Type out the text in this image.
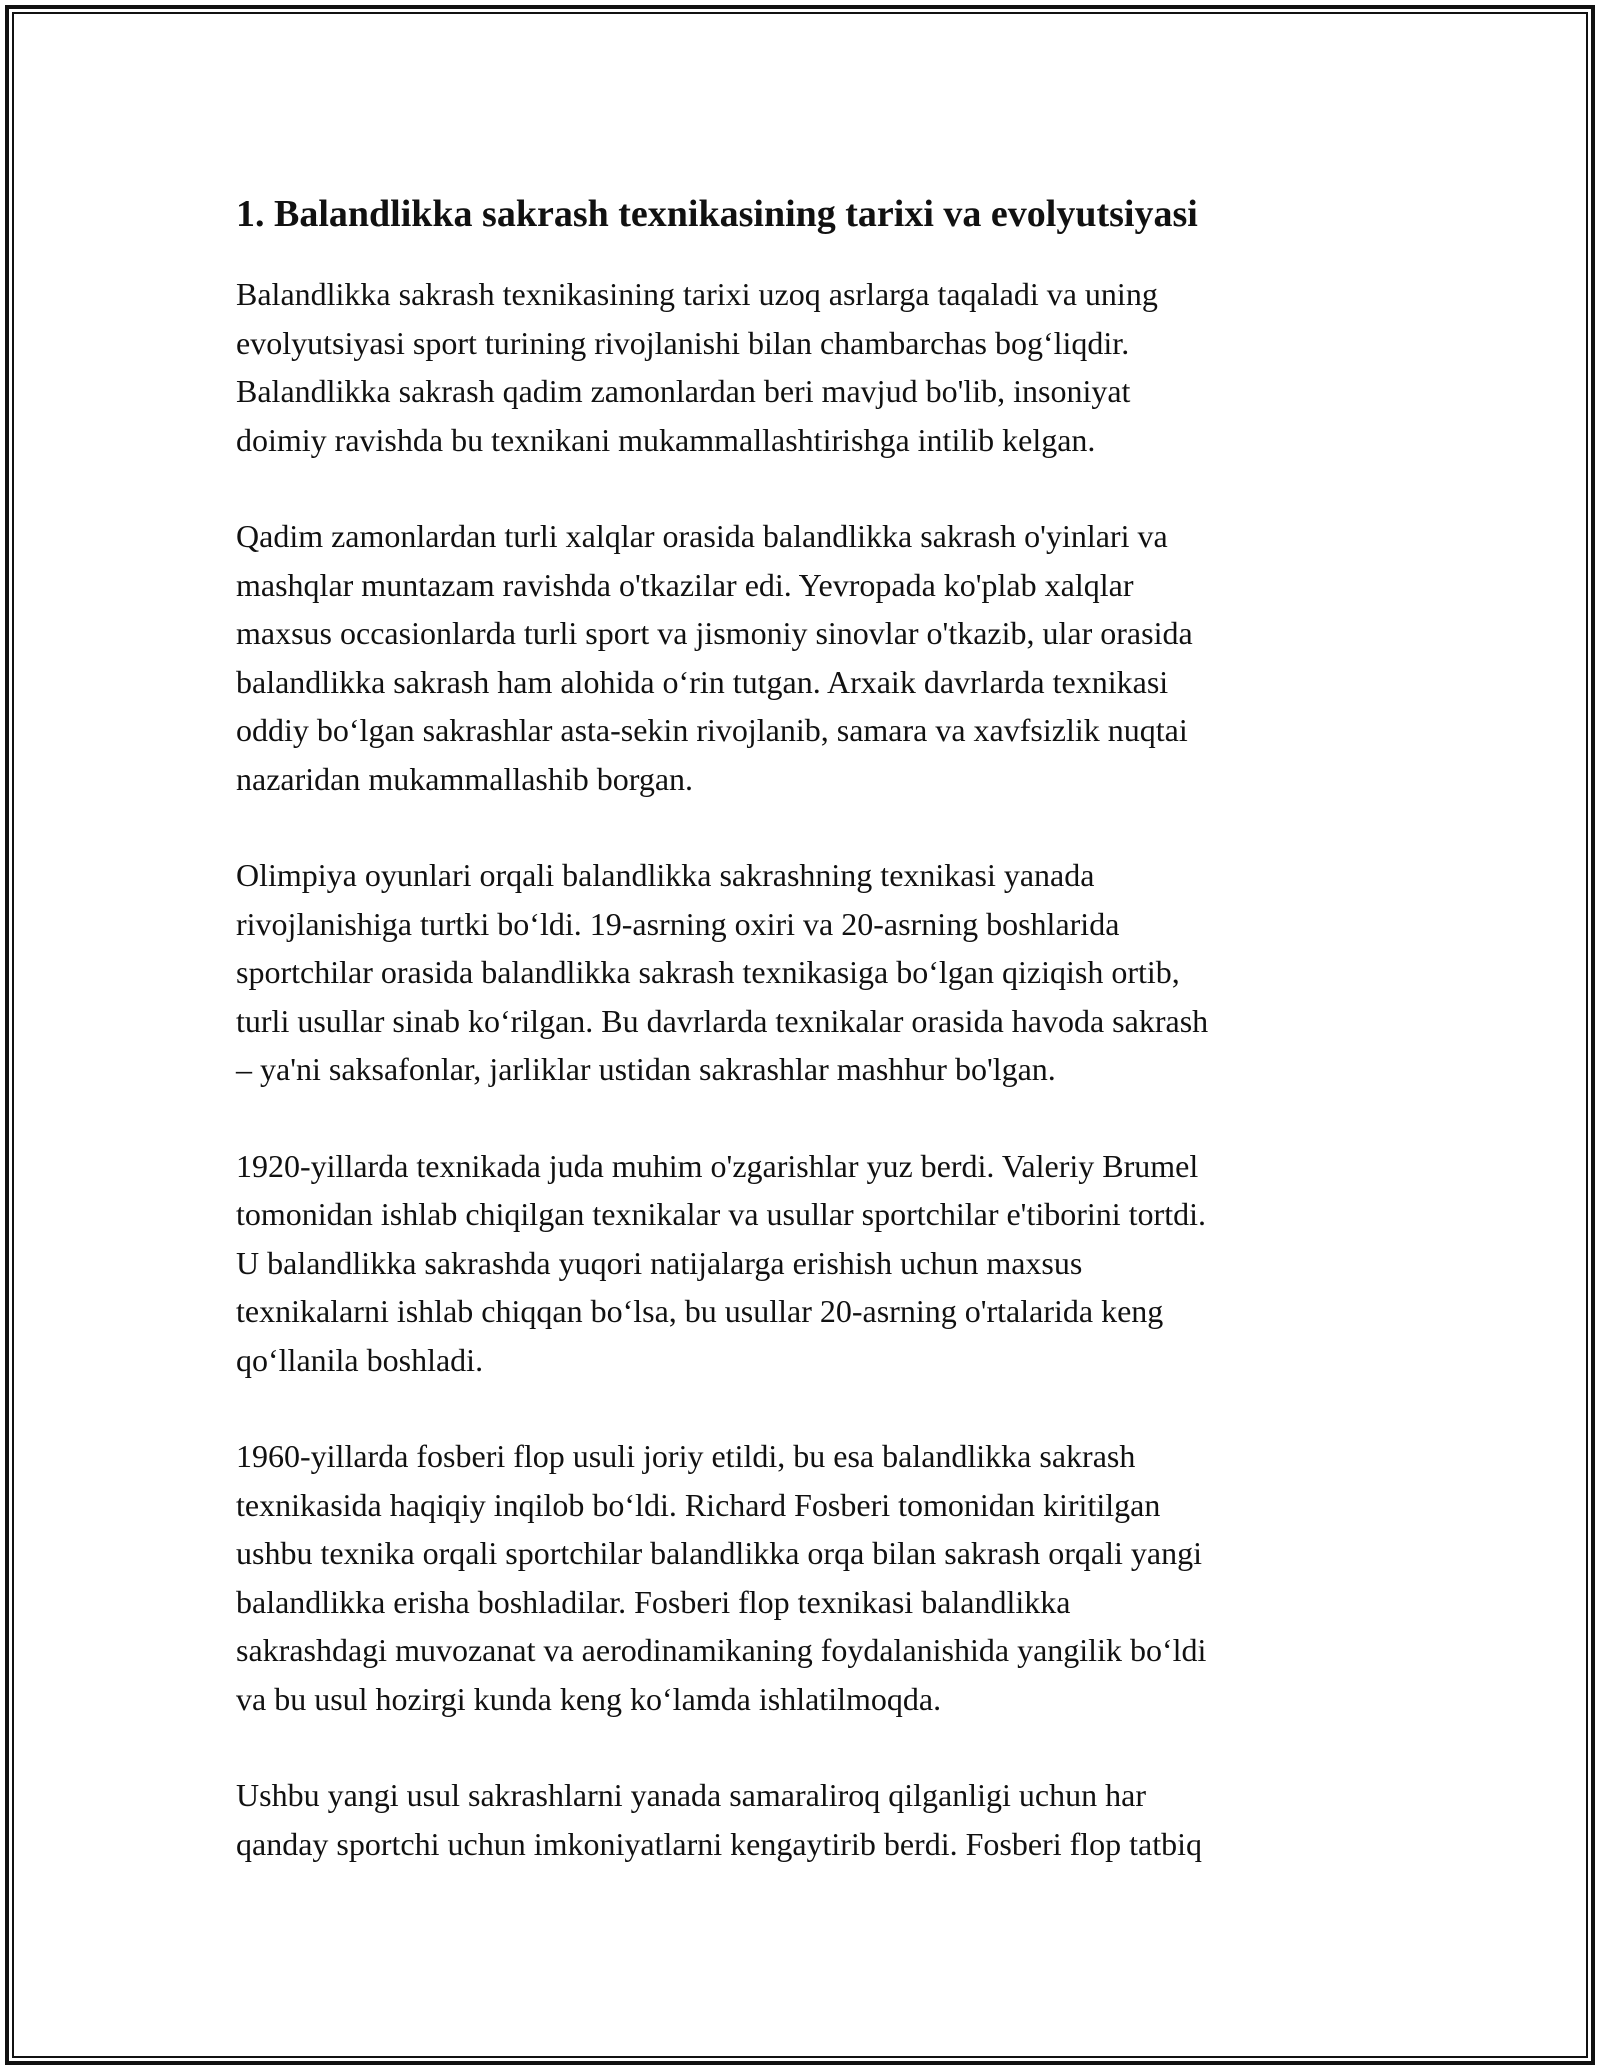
1. Balandlikka sakrash texnikasining tarixi va evolyutsiyasi

Balandlikka sakrash texnikasining tarixi uzoq asrlarga taqaladi va uning
evolyutsiyasi sport turining rivojlanishi bilan chambarchas bog‘liqdir.
Balandlikka sakrash qadim zamonlardan beri mavjud bo'lib, insoniyat
doimiy ravishda bu texnikani mukammallashtirishga intilib kelgan.

Qadim zamonlardan turli xalqlar orasida balandlikka sakrash o'yinlari va
mashqlar muntazam ravishda o'tkazilar edi. Yevropada ko'plab xalqlar
maxsus occasionlarda turli sport va jismoniy sinovlar o'tkazib, ular orasida
balandlikka sakrash ham alohida o‘rin tutgan. Arxaik davrlarda texnikasi
oddiy bo‘lgan sakrashlar asta-sekin rivojlanib, samara va xavfsizlik nuqtai
nazaridan mukammallashib borgan.

Olimpiya oyunlari orqali balandlikka sakrashning texnikasi yanada
rivojlanishiga turtki bo‘ldi. 19-asrning oxiri va 20-asrning boshlarida
sportchilar orasida balandlikka sakrash texnikasiga bo‘lgan qiziqish ortib,
turli usullar sinab ko‘rilgan. Bu davrlarda texnikalar orasida havoda sakrash
– ya'ni saksafonlar, jarliklar ustidan sakrashlar mashhur bo'lgan.

1920-yillarda texnikada juda muhim o'zgarishlar yuz berdi. Valeriy Brumel
tomonidan ishlab chiqilgan texnikalar va usullar sportchilar e'tiborini tortdi.
U balandlikka sakrashda yuqori natijalarga erishish uchun maxsus
texnikalarni ishlab chiqqan bo‘lsa, bu usullar 20-asrning o'rtalarida keng
qo‘llanila boshladi.

1960-yillarda fosberi flop usuli joriy etildi, bu esa balandlikka sakrash
texnikasida haqiqiy inqilob bo‘ldi. Richard Fosberi tomonidan kiritilgan
ushbu texnika orqali sportchilar balandlikka orqa bilan sakrash orqali yangi
balandlikka erisha boshladilar. Fosberi flop texnikasi balandlikka
sakrashdagi muvozanat va aerodinamikaning foydalanishida yangilik bo‘ldi
va bu usul hozirgi kunda keng ko‘lamda ishlatilmoqda.

Ushbu yangi usul sakrashlarni yanada samaraliroq qilganligi uchun har
qanday sportchi uchun imkoniyatlarni kengaytirib berdi. Fosberi flop tatbiq
